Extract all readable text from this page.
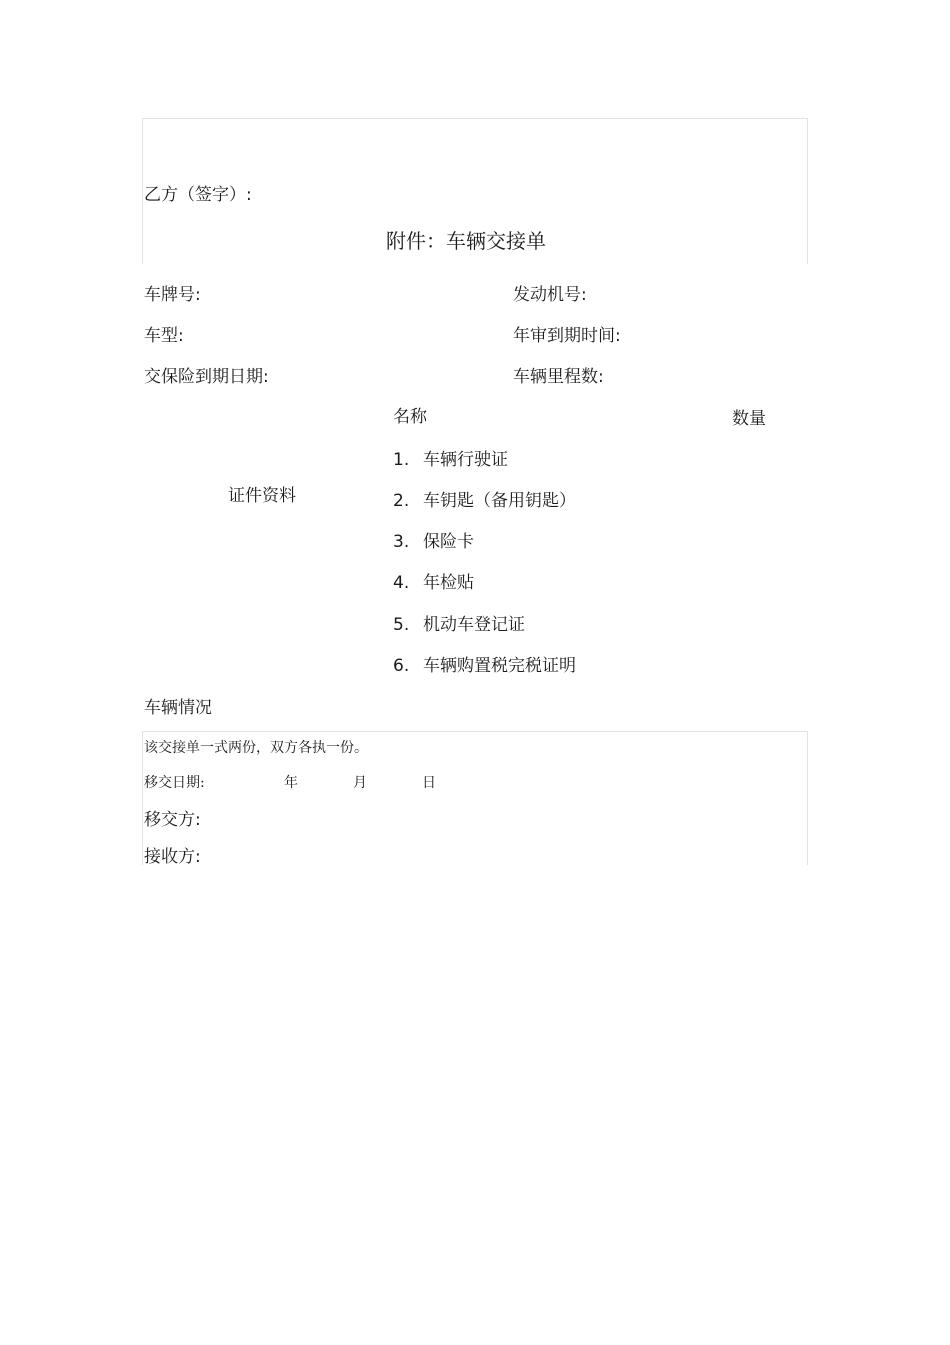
乙方（签字）:
附件：车辆交接单
车牌号:	发动机号:
车型:	年审到期时间:
交保险到期日期:	车辆里程数:
名称	数量
证件资料
1. 车辆行驶证
2. 车钥匙（备用钥匙）
3. 保险卡
4. 年检贴
5. 机动车登记证
6. 车辆购置税完税证明
车辆情况
该交接单一式两份，双方各执一份。
移交日期:	年	月	日
移交方:
接收方:
